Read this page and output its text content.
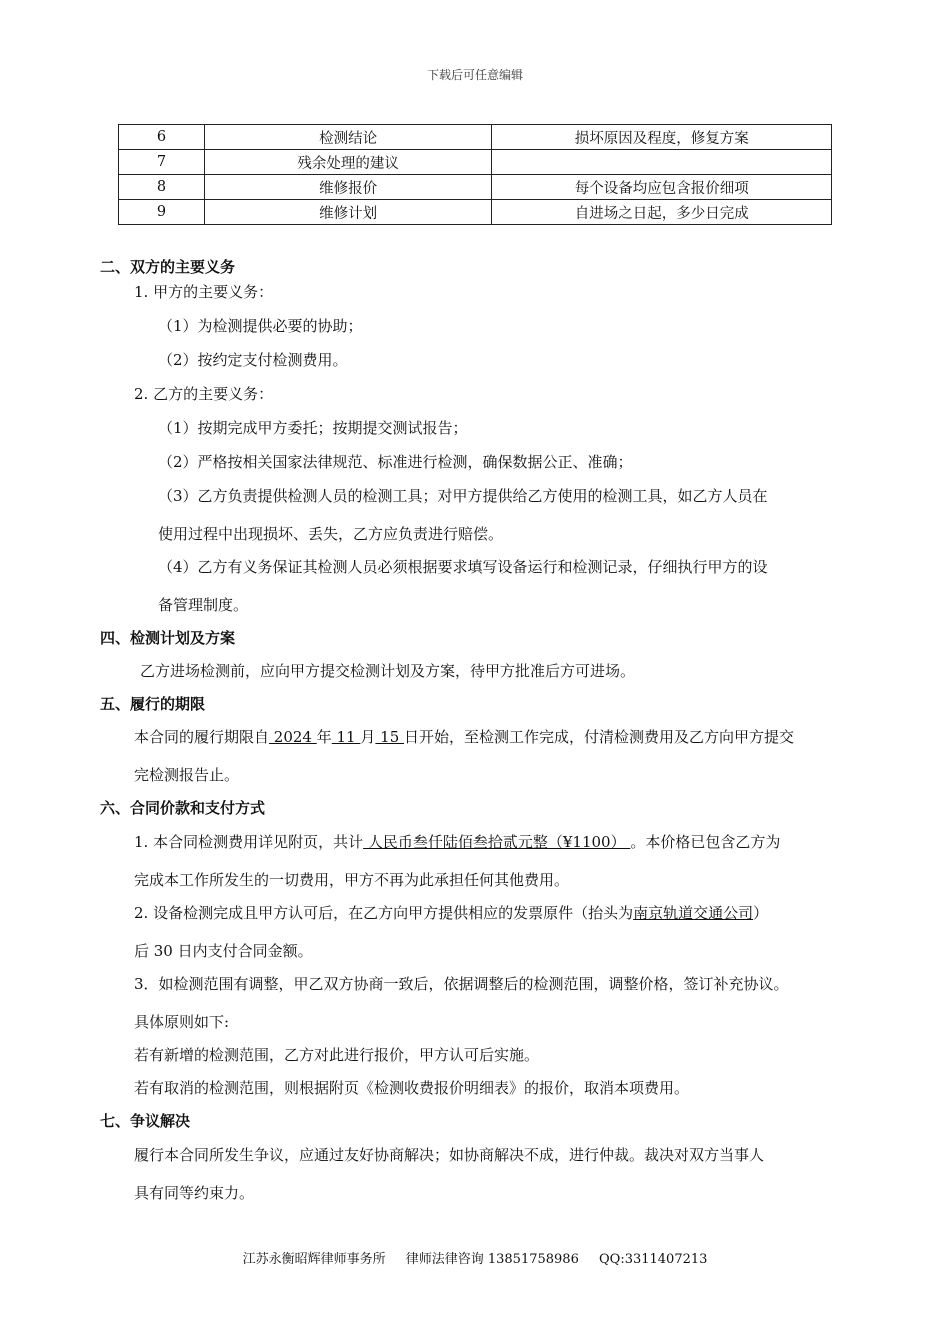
下载后可任意编辑
6	检测结论	损坏原因及程度，修复方案
7	残余处理的建议	
8	维修报价	每个设备均应包含报价细项
9	维修计划	自进场之日起，多少日完成
二、双方的主要义务
1. 甲方的主要义务：
（1）为检测提供必要的协助；
（2）按约定支付检测费用。
2. 乙方的主要义务：
（1）按期完成甲方委托；按期提交测试报告；
（2）严格按相关国家法律规范、标准进行检测，确保数据公正、准确；
（3）乙方负责提供检测人员的检测工具；对甲方提供给乙方使用的检测工具，如乙方人员在
使用过程中出现损坏、丢失，乙方应负责进行赔偿。
（4）乙方有义务保证其检测人员必须根据要求填写设备运行和检测记录，仔细执行甲方的设
备管理制度。
四、检测计划及方案
乙方进场检测前，应向甲方提交检测计划及方案，待甲方批准后方可进场。
五、履行的期限
本合同的履行期限自 2024 年 11 月 15 日开始，至检测工作完成，付清检测费用及乙方向甲方提交
完检测报告止。
六、合同价款和支付方式
1. 本合同检测费用详见附页，共计 人民币叁仟陆佰叁拾贰元整（¥1100） 。本价格已包含乙方为
完成本工作所发生的一切费用，甲方不再为此承担任何其他费用。
2. 设备检测完成且甲方认可后，在乙方向甲方提供相应的发票原件（抬头为南京轨道交通公司）
后 30 日内支付合同金额。
3．如检测范围有调整，甲乙双方协商一致后，依据调整后的检测范围，调整价格，签订补充协议。
具体原则如下:
若有新增的检测范围，乙方对此进行报价，甲方认可后实施。
若有取消的检测范围，则根据附页《检测收费报价明细表》的报价，取消本项费用。
七、争议解决
履行本合同所发生争议，应通过友好协商解决；如协商解决不成，进行仲裁。裁决对双方当事人
具有同等约束力。
江苏永衡昭辉律师事务所 律师法律咨询 13851758986 QQ:3311407213
